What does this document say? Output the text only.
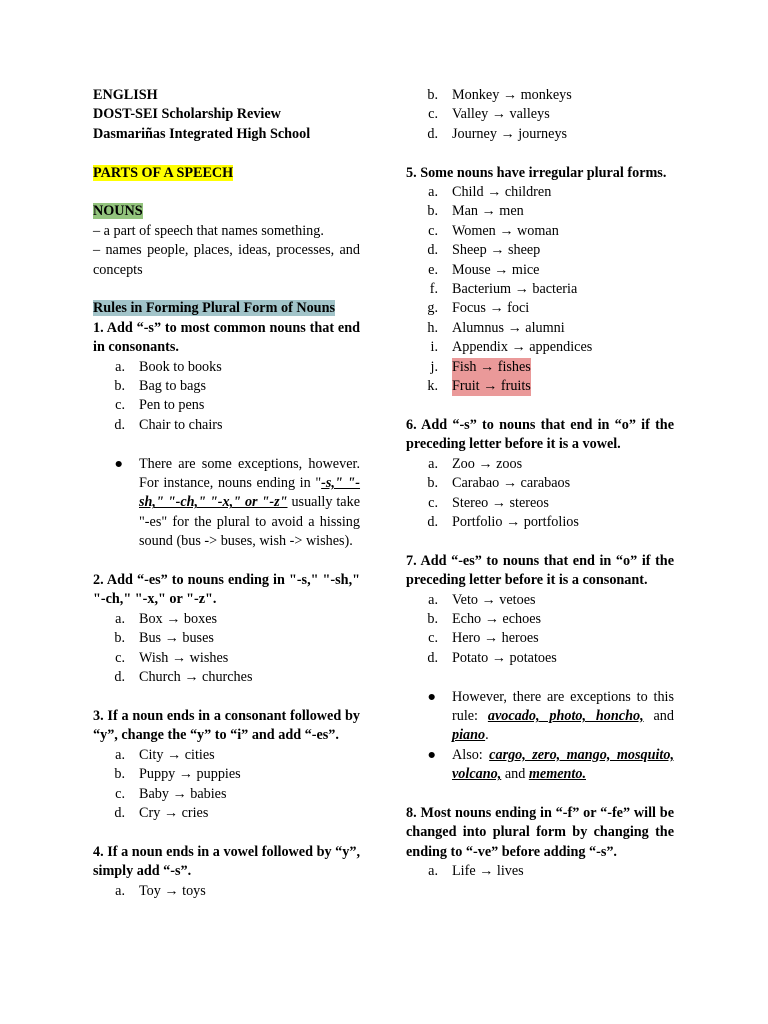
ENGLISH

DOST-SEI Scholarship Review

Dasmariñas Integrated High School

PARTS OF A SPEECH

NOUNS

– a part of speech that names something.

– names people, places, ideas, processes, and concepts

Rules in Forming Plural Form of Nouns

1. Add “-s” to most common nouns that end in consonants.

a. Book to books
b. Bag to bags
c. Pen to pens
d. Chair to chairs
●	There are some exceptions, however. For instance, nouns ending in "-s," "-sh," "-ch," "-x," or "-z" usually take "-es" for the plural to avoid a hissing sound (bus -> buses, wish -> wishes).

2. Add “-es” to nouns ending in "-s," "-sh," "-ch," "-x," or "-z".

a. Box → boxes
b. Bus → buses
c. Wish → wishes
d. Church → churches

3. If a noun ends in a consonant followed by “y”, change the “y” to “i” and add “-es”.

a. City → cities
b. Puppy → puppies
c. Baby → babies
d. Cry → cries

4. If a noun ends in a vowel followed by “y”, simply add “-s”.

a. Toy → toys
b. Monkey → monkeys
c. Valley → valleys
d. Journey → journeys

5. Some nouns have irregular plural forms.

a. Child → children
b. Man → men
c. Women → woman
d. Sheep → sheep
e. Mouse → mice
f. Bacterium → bacteria
g. Focus → foci
h. Alumnus → alumni
i. Appendix → appendices
j. Fish → fishes
k. Fruit → fruits

6. Add “-s” to nouns that end in “o” if the preceding letter before it is a vowel.

a. Zoo → zoos
b. Carabao → carabaos
c. Stereo → stereos
d. Portfolio → portfolios

7. Add “-es” to nouns that end in “o” if the preceding letter before it is a consonant.

a. Veto → vetoes
b. Echo → echoes
c. Hero → heroes
d. Potato → potatoes
●	However, there are exceptions to this rule: avocado, photo, honcho, and piano.
●	Also: cargo, zero, mango, mosquito, volcano, and memento.

8. Most nouns ending in “-f” or “-fe” will be changed into plural form by changing the ending to “-ve” before adding “-s”.

a. Life → lives
